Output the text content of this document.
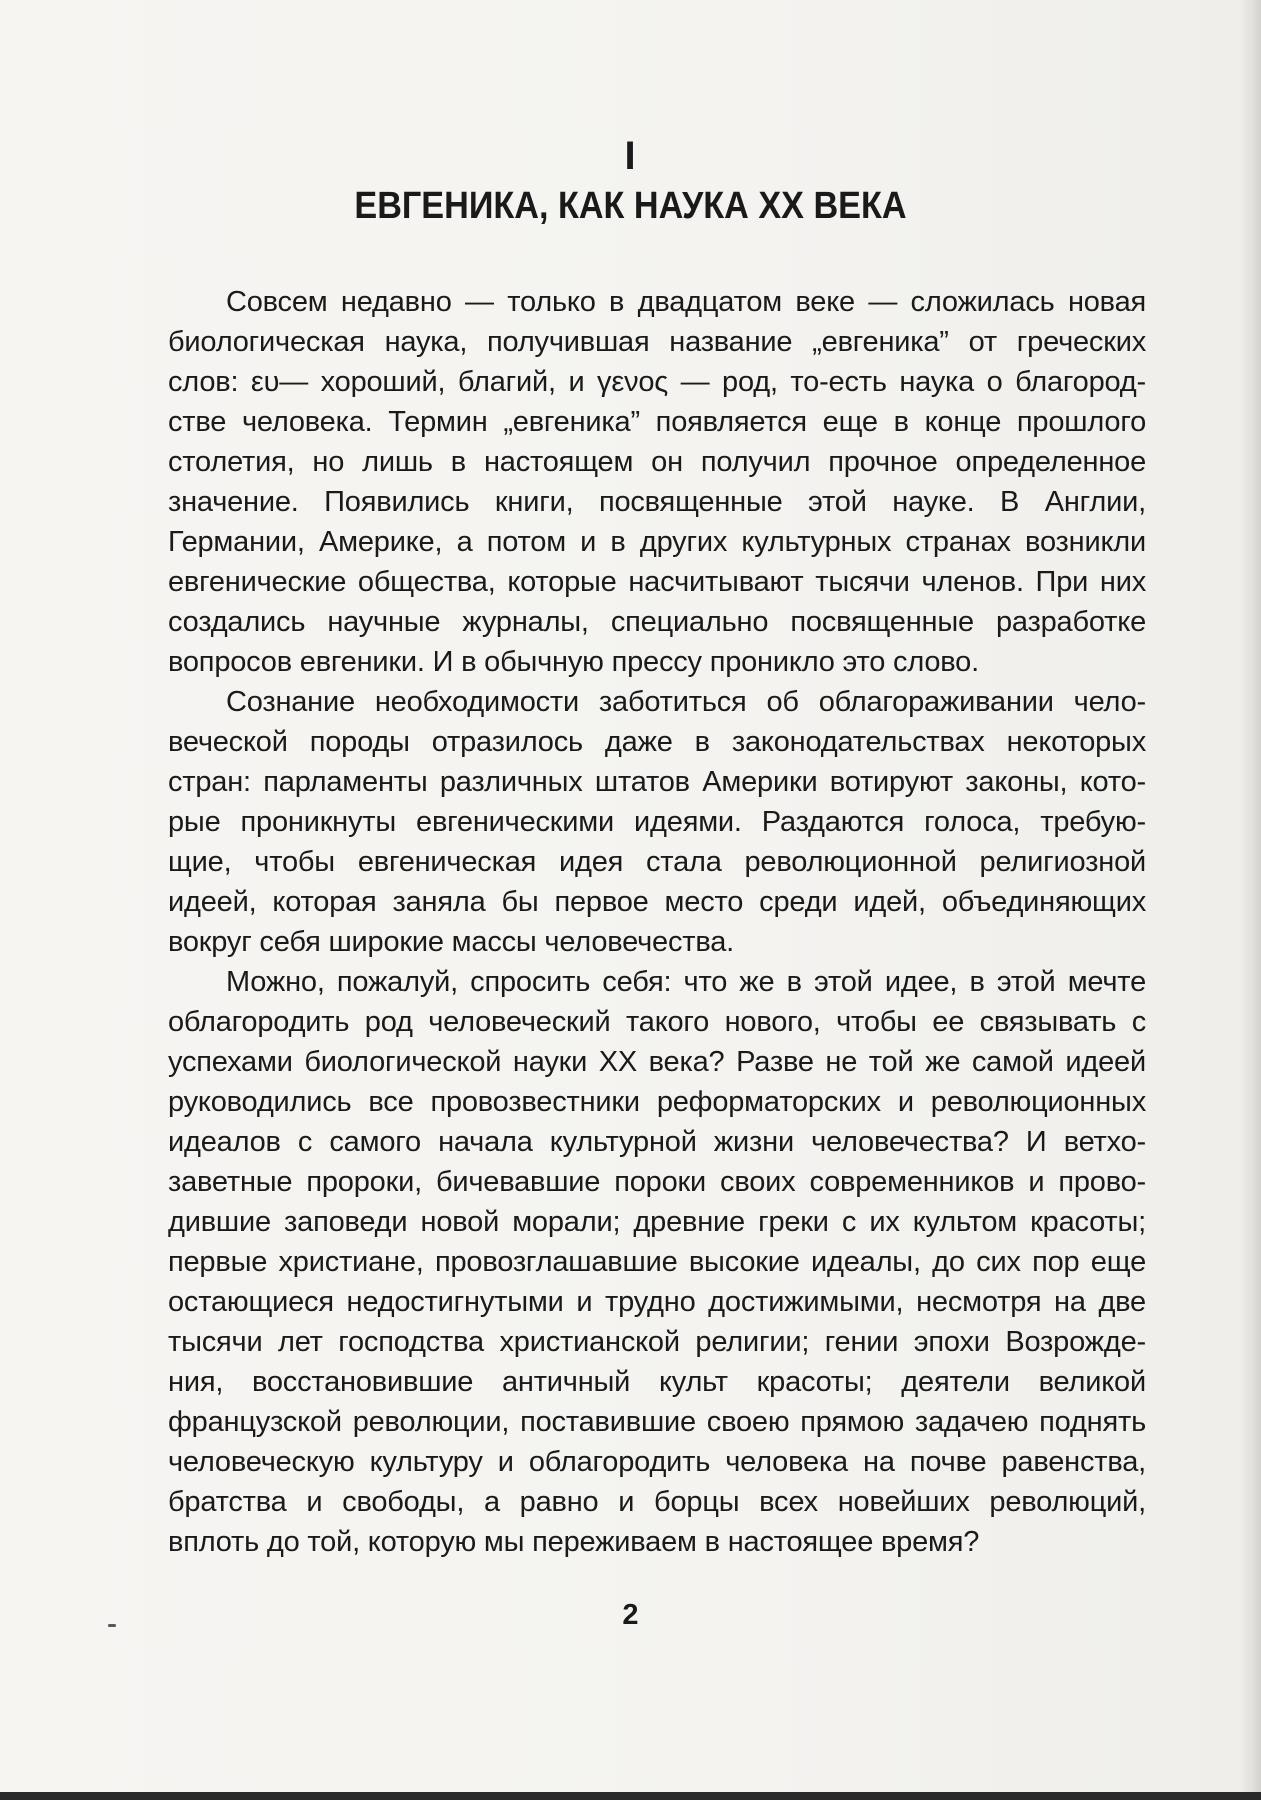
I
ЕВГЕНИКА, КАК НАУКА XX ВЕКА
Совсем недавно — только в двадцатом веке — сложилась новая
биологическая наука, получившая название „евгеника” от греческих
слов: ευ— хороший, благий, и γενος — род, то-есть наука о благород-
стве человека. Термин „евгеника” появляется еще в конце прошлого
столетия, но лишь в настоящем он получил прочное определенное
значение. Появились книги, посвященные этой науке. В Англии,
Германии, Америке, а потом и в других культурных странах возникли
евгенические общества, которые насчитывают тысячи членов. При них
создались научные журналы, специально посвященные разработке
вопросов евгеники. И в обычную прессу проникло это слово.
Сознание необходимости заботиться об облагораживании чело-
веческой породы отразилось даже в законодательствах некоторых
стран: парламенты различных штатов Америки вотируют законы, кото-
рые проникнуты евгеническими идеями. Раздаются голоса, требую-
щие, чтобы евгеническая идея стала революционной религиозной
идеей, которая заняла бы первое место среди идей, объединяющих
вокруг себя широкие массы человечества.
Можно, пожалуй, спросить себя: что же в этой идее, в этой мечте
облагородить род человеческий такого нового, чтобы ее связывать с
успехами биологической науки XX века? Разве не той же самой идеей
руководились все провозвестники реформаторских и революционных
идеалов с самого начала культурной жизни человечества? И ветхо-
заветные пророки, бичевавшие пороки своих современников и прово-
дившие заповеди новой морали; древние греки с их культом красоты;
первые христиане, провозглашавшие высокие идеалы, до сих пор еще
остающиеся недостигнутыми и трудно достижимыми, несмотря на две
тысячи лет господства христианской религии; гении эпохи Возрожде-
ния, восстановившие античный культ красоты; деятели великой
французской революции, поставившие своею прямою задачею поднять
человеческую культуру и облагородить человека на почве равенства,
братства и свободы, а равно и борцы всех новейших революций,
вплоть до той, которую мы переживаем в настоящее время?
2
